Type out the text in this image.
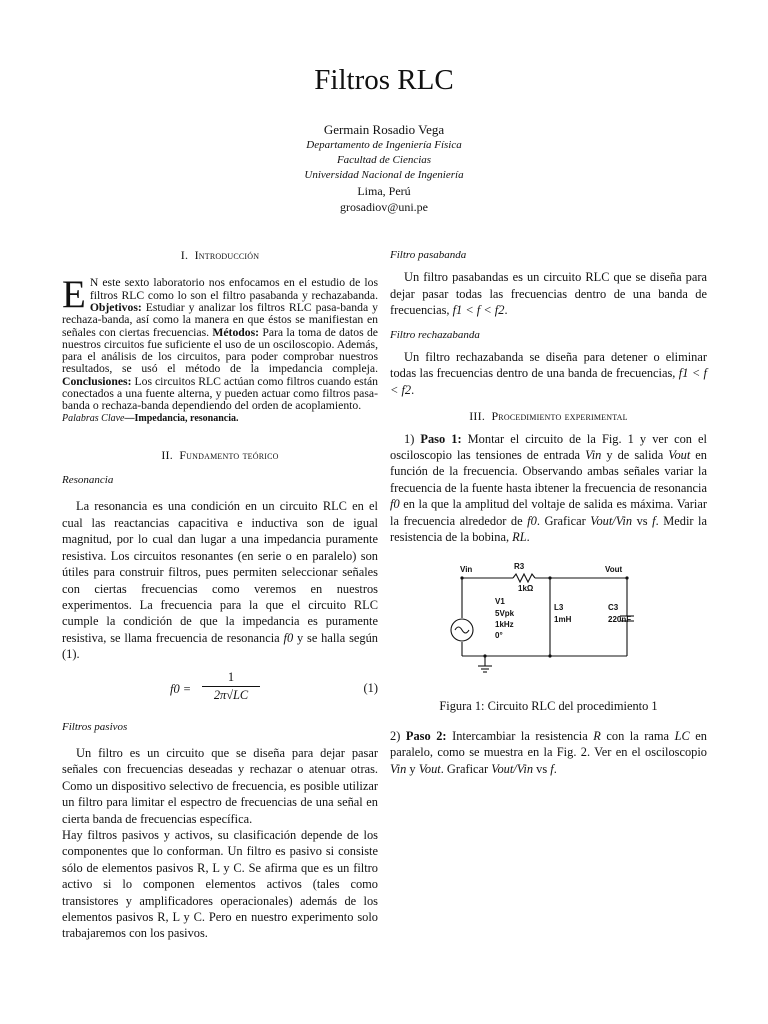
Filtros RLC
Germain Rosadio Vega
Departamento de Ingeniería Física
Facultad de Ciencias
Universidad Nacional de Ingeniería
Lima, Perú
grosadiov@uni.pe
I. Introducción

E N este sexto laboratorio nos enfocamos en el estudio de los filtros RLC como lo son el filtro pasabanda y rechazabanda. Objetivos: Estudiar y analizar los filtros RLC pasa-banda y rechaza-banda, así como la manera en que éstos se manifiestan en señales con ciertas frecuencias. Métodos: Para la toma de datos de nuestros circuitos fue suficiente el uso de un osciloscopio. Además, para el análisis de los circuitos, para poder comprobar nuestros resultados, se usó el método de la impedancia compleja. Conclusiones: Los circuitos RLC actúan como filtros cuando están conectados a una fuente alterna, y pueden actuar como filtros pasa-banda o rechaza-banda dependiendo del orden de acoplamiento.

Palabras Clave—Impedancia, resonancia.

II. Fundamento teórico
Resonancia

La resonancia es una condición en un circuito RLC en el cual las reactancias capacitiva e inductiva son de igual magnitud, por lo cual dan lugar a una impedancia puramente resistiva. Los circuitos resonantes (en serie o en paralelo) son útiles para construir filtros, pues permiten seleccionar señales con ciertas frecuencias como veremos en nuestros experimentos. La frecuencia para la que el circuito RLC cumple la condición de que la impedancia es puramente resistiva, se llama frecuencia de resonancia f0 y se halla según (1).

$f0 = \frac{1}{2\pi√LC}$	(1)
Filtros pasivos

Un filtro es un circuito que se diseña para dejar pasar señales con frecuencias deseadas y rechazar o atenuar otras. Como un dispositivo selectivo de frecuencia, es posible utilizar un filtro para limitar el espectro de frecuencias de una señal en cierta banda de frecuencias específica.

Hay filtros pasivos y activos, su clasificación depende de los componentes que lo conforman. Un filtro es pasivo si consiste sólo de elementos pasivos R, L y C. Se afirma que es un filtro activo si lo componen elementos activos (tales como transistores y amplificadores operacionales) además de los elementos pasivos R, L y C. Pero en nuestro experimento solo trabajaremos con los pasivos.

Filtro pasabanda

Un filtro pasabandas es un circuito RLC que se diseña para dejar pasar todas las frecuencias dentro de una banda de frecuencias, f1 < f < f2.

Filtro rechazabanda

Un filtro rechazabanda se diseña para detener o eliminar todas las frecuencias dentro de una banda de frecuencias, f1 < f < f2.

III. Procedimiento experimental

1) Paso 1: Montar el circuito de la Fig. 1 y ver con el osciloscopio las tensiones de entrada Vin y de salida Vout en función de la frecuencia. Observando ambas señales variar la frecuencia de la fuente hasta ibtener la frecuencia de resonancia f0 en la que la amplitud del voltaje de salida es máxima. Variar la frecuencia alrededor de f0. Graficar Vout/Vin vs f. Medir la resistencia de la bobina, RL.

Vin	R3
1kΩ
Vout
V1
5Vpk
1kHz
0°
L3
1mH
C3
220nF
Figura 1: Circuito RLC del procedimiento 1

2) Paso 2: Intercambiar la resistencia R con la rama LC en paralelo, como se muestra en la Fig. 2. Ver en el osciloscopio Vin y Vout. Graficar Vout/Vin vs f.
